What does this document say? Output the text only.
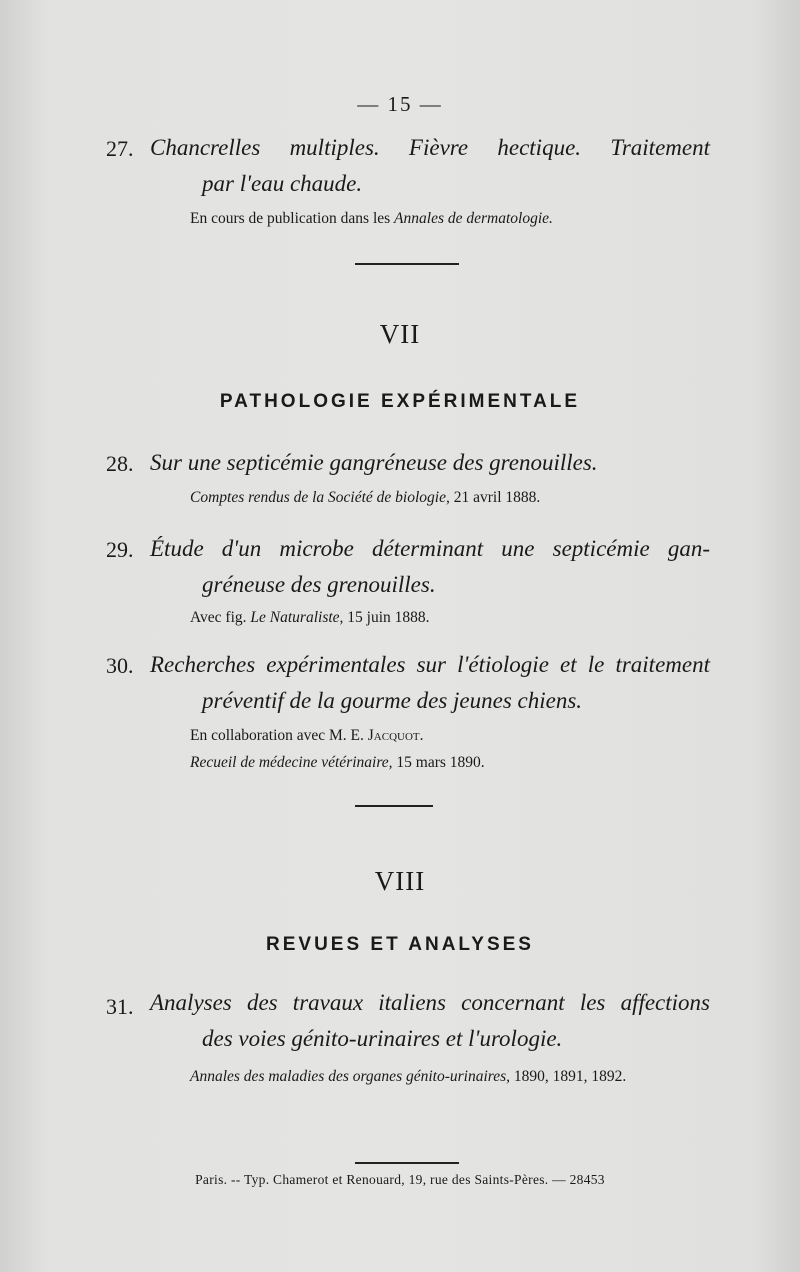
— 15 —
27. Chancrelles multiples. Fièvre hectique. Traitement
par l'eau chaude.
En cours de publication dans les Annales de dermatologie.
VII
PATHOLOGIE EXPÉRIMENTALE
28. Sur une septicémie gangréneuse des grenouilles.
Comptes rendus de la Société de biologie, 21 avril 1888.
29. Étude d'un microbe déterminant une septicémie gan-
gréneuse des grenouilles.
Avec fig. Le Naturaliste, 15 juin 1888.
30. Recherches expérimentales sur l'étiologie et le traitement
préventif de la gourme des jeunes chiens.
En collaboration avec M. E. Jacquot.
Recueil de médecine vétérinaire, 15 mars 1890.
VIII
REVUES ET ANALYSES
31. Analyses des travaux italiens concernant les affections
des voies génito-urinaires et l'urologie.
Annales des maladies des organes génito-urinaires, 1890, 1891, 1892.
Paris. -- Typ. Chamerot et Renouard, 19, rue des Saints-Pères. — 28453
